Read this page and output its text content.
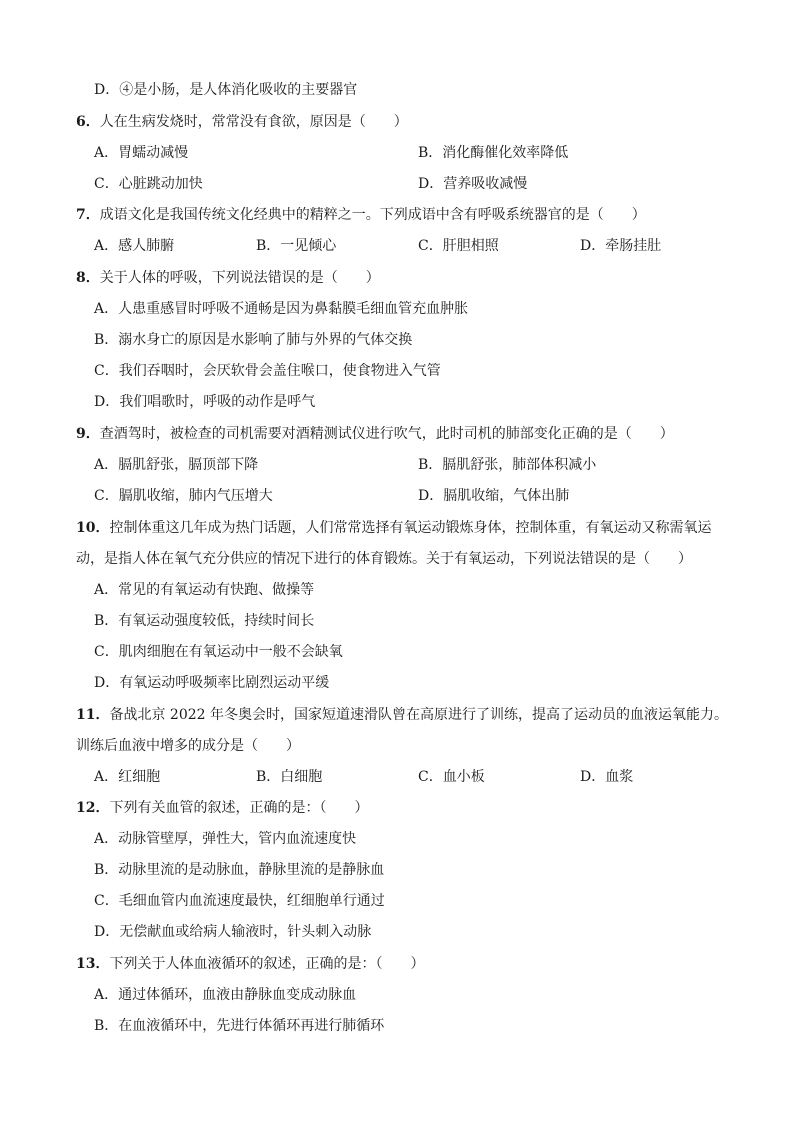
D．④是小肠，是人体消化吸收的主要器官
6．人在生病发烧时，常常没有食欲，原因是（　　）
A．胃蠕动减慢	B．消化酶催化效率降低
C．心脏跳动加快	D．营养吸收减慢
7．成语文化是我国传统文化经典中的精粹之一。下列成语中含有呼吸系统器官的是（　　）
A．感人肺腑	B．一见倾心	C．肝胆相照	D．牵肠挂肚
8．关于人体的呼吸，下列说法错误的是（　　）
A．人患重感冒时呼吸不通畅是因为鼻黏膜毛细血管充血肿胀
B．溺水身亡的原因是水影响了肺与外界的气体交换
C．我们吞咽时，会厌软骨会盖住喉口，使食物进入气管
D．我们唱歌时，呼吸的动作是呼气
9．查酒驾时，被检查的司机需要对酒精测试仪进行吹气，此时司机的肺部变化正确的是（　　）
A．膈肌舒张，膈顶部下降	B．膈肌舒张，肺部体积减小
C．膈肌收缩，肺内气压增大	D．膈肌收缩，气体出肺
10．控制体重这几年成为热门话题，人们常常选择有氧运动锻炼身体，控制体重，有氧运动又称需氧运
动，是指人体在氧气充分供应的情况下进行的体育锻炼。关于有氧运动，下列说法错误的是（　　）
A．常见的有氧运动有快跑、做操等
B．有氧运动强度较低，持续时间长
C．肌肉细胞在有氧运动中一般不会缺氧
D．有氧运动呼吸频率比剧烈运动平缓
11．备战北京 2022 年冬奥会时，国家短道速滑队曾在高原进行了训练，提高了运动员的血液运氧能力。
训练后血液中增多的成分是（　　）
A．红细胞	B．白细胞	C．血小板	D．血浆
12．下列有关血管的叙述，正确的是：（　　）
A．动脉管壁厚，弹性大，管内血流速度快
B．动脉里流的是动脉血，静脉里流的是静脉血
C．毛细血管内血流速度最快，红细胞单行通过
D．无偿献血或给病人输液时，针头刺入动脉
13．下列关于人体血液循环的叙述，正确的是：（　　）
A．通过体循环，血液由静脉血变成动脉血
B．在血液循环中，先进行体循环再进行肺循环
